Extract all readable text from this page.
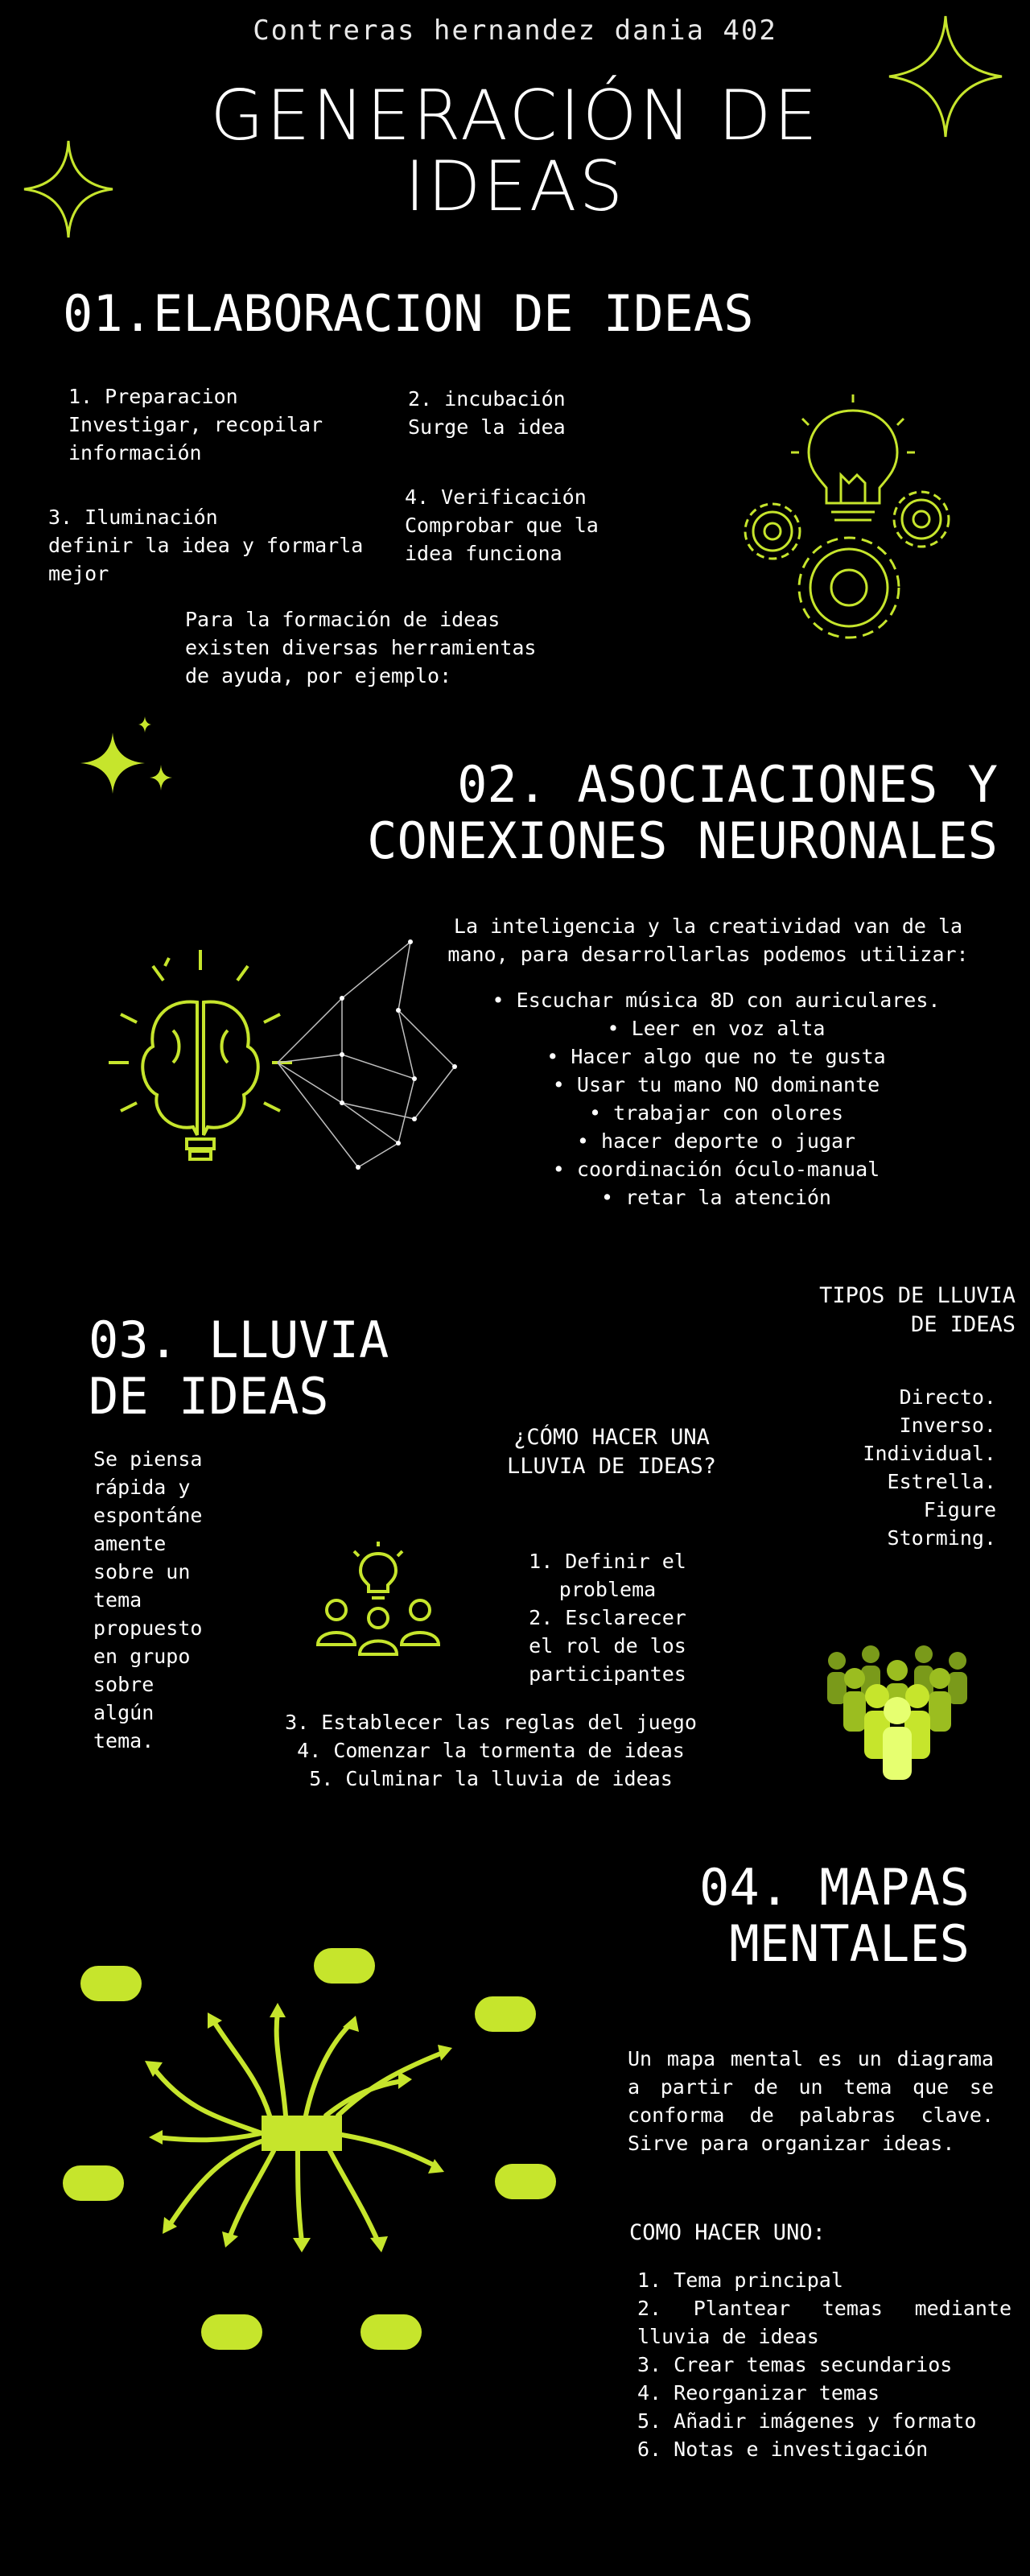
Contreras hernandez dania 402
GENERACIÓN DE
IDEAS
01.ELABORACION DE IDEAS
1. Preparacion
Investigar, recopilar
información
2. incubación
Surge la idea
3. Iluminación
definir la idea y formarla
mejor
4. Verificación
Comprobar que la
idea funciona
Para la formación de ideas
existen diversas herramientas
de ayuda, por ejemplo:
02. ASOCIACIONES Y
CONEXIONES NEURONALES
La inteligencia y la creatividad van de la
mano, para desarrollarlas podemos utilizar:
• Escuchar música 8D con auriculares.
• Leer en voz alta
• Hacer algo que no te gusta
• Usar tu mano NO dominante
• trabajar con olores
• hacer deporte o jugar
• coordinación óculo-manual
• retar la atención
03. LLUVIA
DE IDEAS
TIPOS DE LLUVIA
DE IDEAS
Directo.
Inverso.
Individual.
Estrella.
Figure
Storming.
Se piensa
rápida y
espontáne
amente
sobre un
tema
propuesto
en grupo
sobre
algún
tema.
¿CÓMO HACER UNA
LLUVIA DE IDEAS?
1. Definir el
problema
2. Esclarecer
el rol de los
participantes
3. Establecer las reglas del juego
4. Comenzar la tormenta de ideas
5. Culminar la lluvia de ideas
04. MAPAS
MENTALES
Un mapa mental es un diagrama a partir de un tema que se conforma de palabras clave. Sirve para organizar ideas.
COMO HACER UNO:
1. Tema principal
2. Plantear temas mediante lluvia de ideas
3. Crear temas secundarios
4. Reorganizar temas
5. Añadir imágenes y formato
6. Notas e investigación
